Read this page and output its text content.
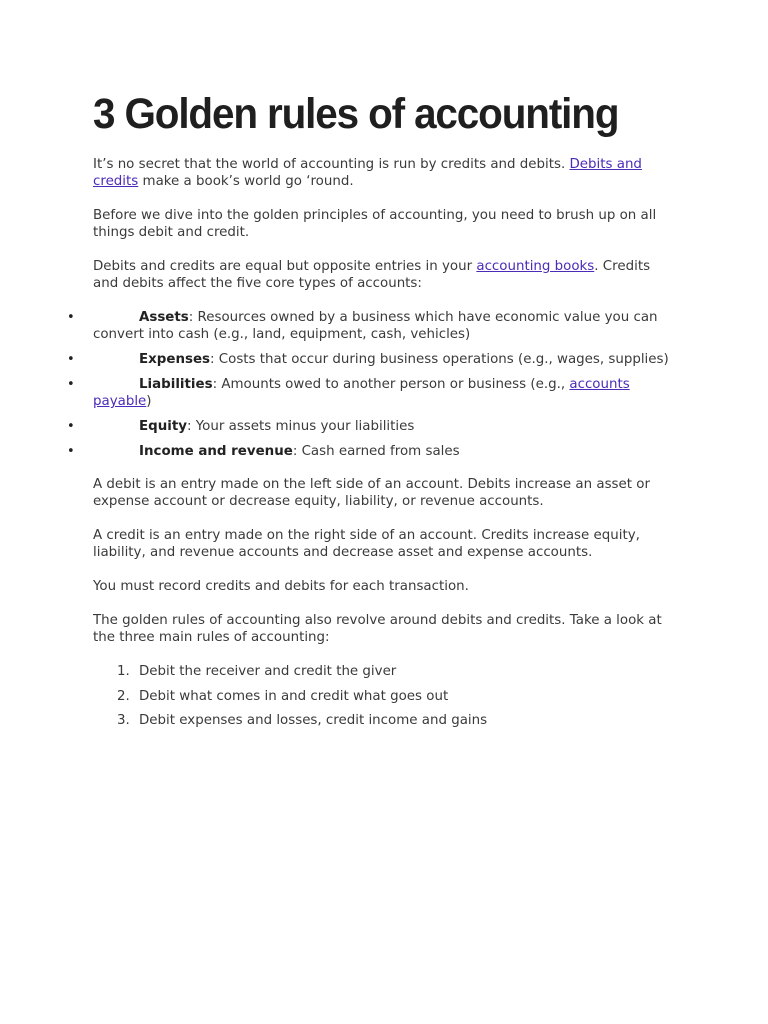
3 Golden rules of accounting

It’s no secret that the world of accounting is run by credits and debits. Debits and credits make a book’s world go ‘round.

Before we dive into the golden principles of accounting, you need to brush up on all things debit and credit.

Debits and credits are equal but opposite entries in your accounting books. Credits and debits affect the five core types of accounts:

•	Assets: Resources owned by a business which have economic value you can convert into cash (e.g., land, equipment, cash, vehicles)
•	Expenses: Costs that occur during business operations (e.g., wages, supplies)
•	Liabilities: Amounts owed to another person or business (e.g., accounts payable)
•	Equity: Your assets minus your liabilities
•	Income and revenue: Cash earned from sales

A debit is an entry made on the left side of an account. Debits increase an asset or expense account or decrease equity, liability, or revenue accounts.

A credit is an entry made on the right side of an account. Credits increase equity, liability, and revenue accounts and decrease asset and expense accounts.

You must record credits and debits for each transaction.

The golden rules of accounting also revolve around debits and credits. Take a look at the three main rules of accounting:

1. Debit the receiver and credit the giver
2. Debit what comes in and credit what goes out
3. Debit expenses and losses, credit income and gains
